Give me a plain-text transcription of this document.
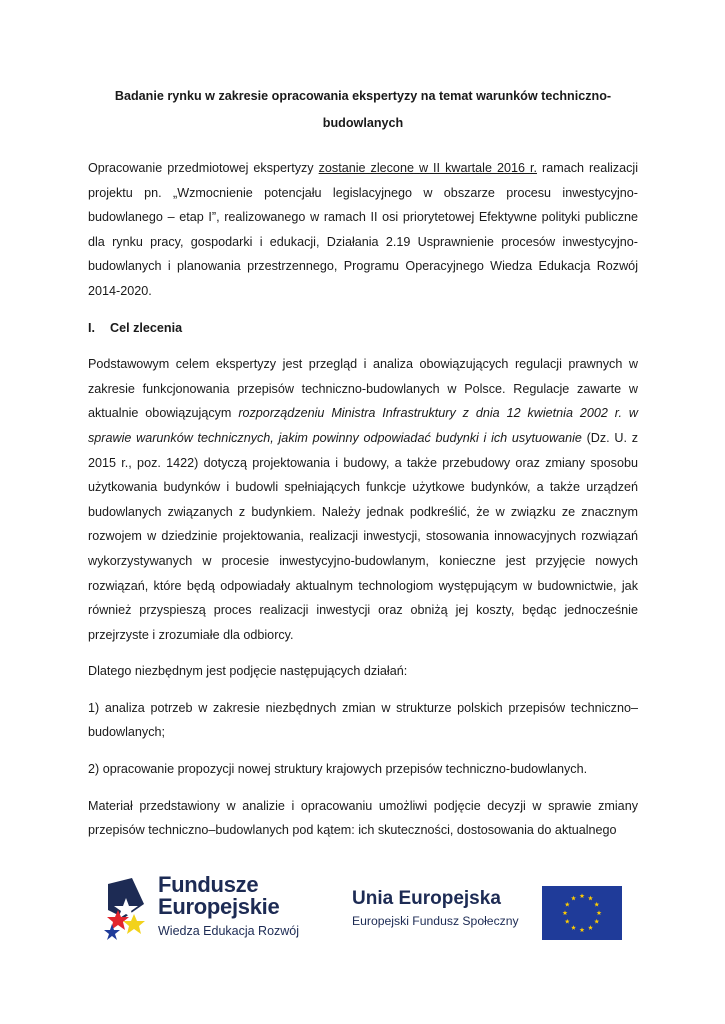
Badanie rynku w zakresie opracowania ekspertyzy na temat warunków techniczno-
budowlanych

Opracowanie przedmiotowej ekspertyzy zostanie zlecone w II kwartale 2016 r. ramach realizacji projektu pn. „Wzmocnienie potencjału legislacyjnego w obszarze procesu inwestycyjno-budowlanego – etap I”, realizowanego w ramach II osi priorytetowej Efektywne polityki publiczne dla rynku pracy, gospodarki i edukacji, Działania 2.19 Usprawnienie procesów inwestycyjno-budowlanych i planowania przestrzennego, Programu Operacyjnego Wiedza Edukacja Rozwój 2014-2020.

I. Cel zlecenia

Podstawowym celem ekspertyzy jest przegląd i analiza obowiązujących regulacji prawnych w zakresie funkcjonowania przepisów techniczno-budowlanych w Polsce. Regulacje zawarte w aktualnie obowiązującym rozporządzeniu Ministra Infrastruktury z dnia 12 kwietnia 2002 r. w sprawie warunków technicznych, jakim powinny odpowiadać budynki i ich usytuowanie (Dz. U. z 2015 r., poz. 1422) dotyczą projektowania i budowy, a także przebudowy oraz zmiany sposobu użytkowania budynków i budowli spełniających funkcje użytkowe budynków, a także urządzeń budowlanych związanych z budynkiem. Należy jednak podkreślić, że w związku ze znacznym rozwojem w dziedzinie projektowania, realizacji inwestycji, stosowania innowacyjnych rozwiązań wykorzystywanych w procesie inwestycyjno-budowlanym, konieczne jest przyjęcie nowych rozwiązań, które będą odpowiadały aktualnym technologiom występującym w budownictwie, jak również przyspieszą proces realizacji inwestycji oraz obniżą jej koszty, będąc jednocześnie przejrzyste i zrozumiałe dla odbiorcy.

Dlatego niezbędnym jest podjęcie następujących działań:

1) analiza potrzeb w zakresie niezbędnych zmian w strukturze polskich przepisów techniczno–budowlanych;

2) opracowanie propozycji nowej struktury krajowych przepisów techniczno-budowlanych.

Materiał przedstawiony w analizie i opracowaniu umożliwi podjęcie decyzji w sprawie zmiany przepisów techniczno–budowlanych pod kątem: ich skuteczności, dostosowania do aktualnego

Fundusze
Europejskie
Wiedza Edukacja Rozwój
Unia Europejska
Europejski Fundusz Społeczny
